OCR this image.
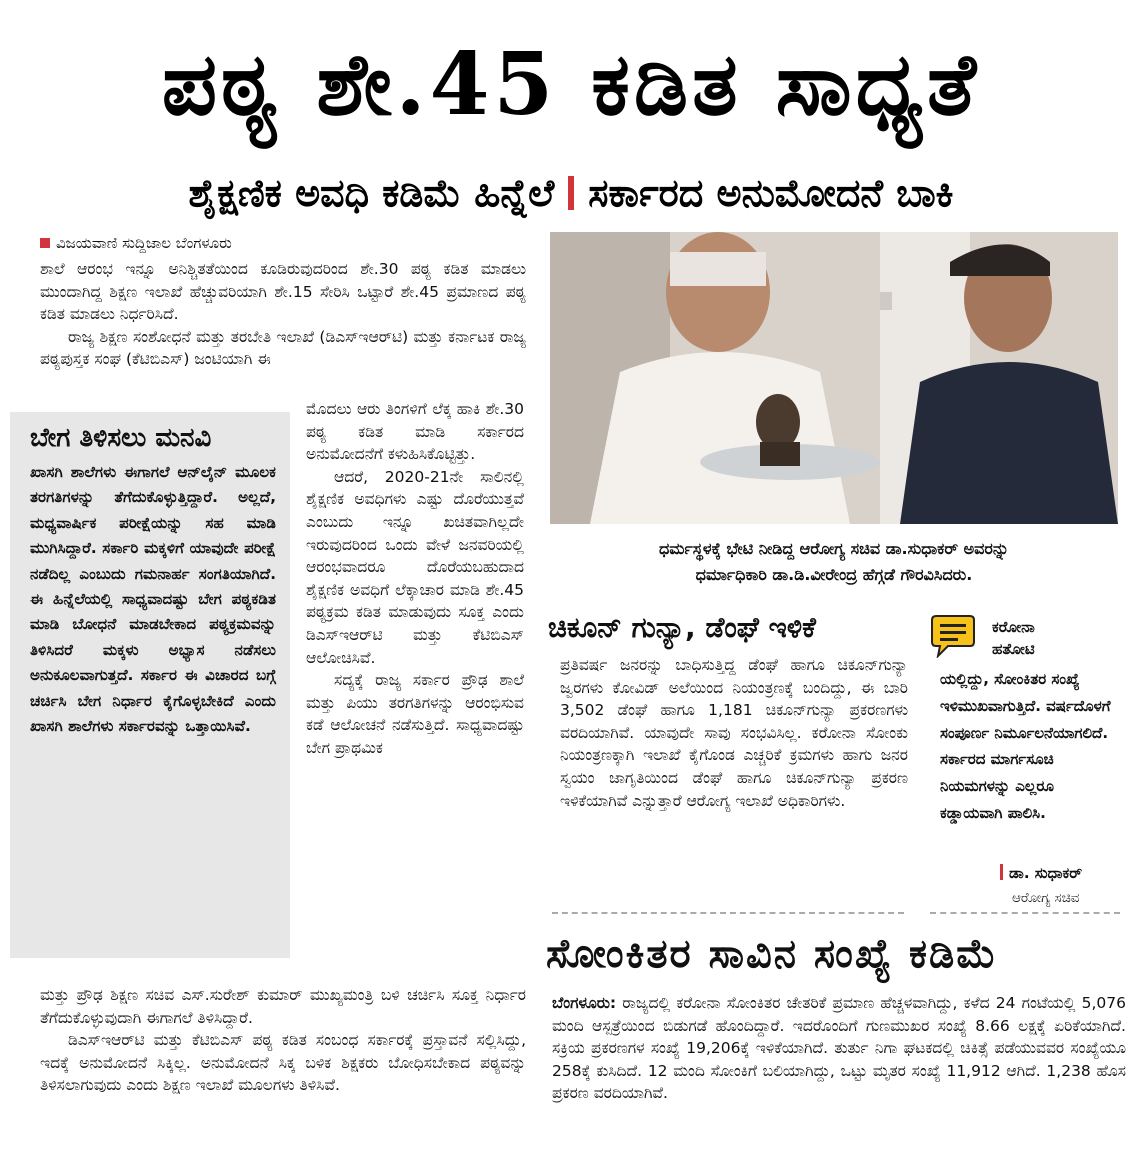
ಪಠ್ಯ ಶೇ.45 ಕಡಿತ ಸಾಧ್ಯತೆ
ಶೈಕ್ಷಣಿಕ ಅವಧಿ ಕಡಿಮೆ ಹಿನ್ನೆಲೆ ಸರ್ಕಾರದ ಅನುಮೋದನೆ ಬಾಕಿ
ವಿಜಯವಾಣಿ ಸುದ್ದಿಜಾಲ ಬೆಂಗಳೂರು

ಶಾಲೆ ಆರಂಭ ಇನ್ನೂ ಅನಿಶ್ಚಿತತೆಯಿಂದ ಕೂಡಿರುವುದರಿಂದ ಶೇ.30 ಪಠ್ಯ ಕಡಿತ ಮಾಡಲು ಮುಂದಾಗಿದ್ದ ಶಿಕ್ಷಣ ಇಲಾಖೆ ಹೆಚ್ಚುವರಿಯಾಗಿ ಶೇ.15 ಸೇರಿಸಿ ಒಟ್ಟಾರೆ ಶೇ.45 ಪ್ರಮಾಣದ ಪಠ್ಯ ಕಡಿತ ಮಾಡಲು ನಿರ್ಧರಿಸಿದೆ.

ರಾಜ್ಯ ಶಿಕ್ಷಣ ಸಂಶೋಧನೆ ಮತ್ತು ತರಬೇತಿ ಇಲಾಖೆ (ಡಿಎಸ್‌ಇಆರ್‌ಟಿ) ಮತ್ತು ಕರ್ನಾಟಕ ರಾಜ್ಯ ಪಠ್ಯಪುಸ್ತಕ ಸಂಘ (ಕೆಟಿಬಿಎಸ್) ಜಂಟಿಯಾಗಿ ಈ

ಬೇಗ ತಿಳಿಸಲು ಮನವಿ
ಖಾಸಗಿ ಶಾಲೆಗಳು ಈಗಾಗಲೆ ಆನ್‌ಲೈನ್ ಮೂಲಕ ತರಗತಿಗಳನ್ನು ತೆಗೆದುಕೊಳ್ಳುತ್ತಿದ್ದಾರೆ. ಅಲ್ಲದೆ, ಮಧ್ಯವಾರ್ಷಿಕ ಪರೀಕ್ಷೆಯನ್ನು ಸಹ ಮಾಡಿ ಮುಗಿಸಿದ್ದಾರೆ. ಸರ್ಕಾರಿ ಮಕ್ಕಳಿಗೆ ಯಾವುದೇ ಪರೀಕ್ಷೆ ನಡೆದಿಲ್ಲ ಎಂಬುದು ಗಮನಾರ್ಹ ಸಂಗತಿಯಾಗಿದೆ. ಈ ಹಿನ್ನೆಲೆಯಲ್ಲಿ ಸಾಧ್ಯವಾದಷ್ಟು ಬೇಗ ಪಠ್ಯಕಡಿತ ಮಾಡಿ ಬೋಧನೆ ಮಾಡಬೇಕಾದ ಪಠ್ಯಕ್ರಮವನ್ನು ತಿಳಿಸಿದರೆ ಮಕ್ಕಳು ಅಭ್ಯಾಸ ನಡೆಸಲು ಅನುಕೂಲವಾಗುತ್ತದೆ. ಸರ್ಕಾರ ಈ ವಿಚಾರದ ಬಗ್ಗೆ ಚರ್ಚಿಸಿ ಬೇಗ ನಿರ್ಧಾರ ಕೈಗೊಳ್ಳಬೇಕಿದೆ ಎಂದು ಖಾಸಗಿ ಶಾಲೆಗಳು ಸರ್ಕಾರವನ್ನು ಒತ್ತಾಯಿಸಿವೆ.

ಮೊದಲು ಆರು ತಿಂಗಳಿಗೆ ಲೆಕ್ಕ ಹಾಕಿ ಶೇ.30 ಪಠ್ಯ ಕಡಿತ ಮಾಡಿ ಸರ್ಕಾರದ ಅನುಮೋದನೆಗೆ ಕಳುಹಿಸಿಕೊಟ್ಟಿತ್ತು.

ಆದರೆ, 2020-21ನೇ ಸಾಲಿನಲ್ಲಿ ಶೈಕ್ಷಣಿಕ ಅವಧಿಗಳು ಎಷ್ಟು ದೊರೆಯುತ್ತವೆ ಎಂಬುದು ಇನ್ನೂ ಖಚಿತವಾಗಿಲ್ಲದೇ ಇರುವುದರಿಂದ ಒಂದು ವೇಳೆ ಜನವರಿಯಲ್ಲಿ ಆರಂಭವಾದರೂ ದೊರೆಯಬಹುದಾದ ಶೈಕ್ಷಣಿಕ ಅವಧಿಗೆ ಲೆಕ್ಕಾಚಾರ ಮಾಡಿ ಶೇ.45 ಪಠ್ಯಕ್ರಮ ಕಡಿತ ಮಾಡುವುದು ಸೂಕ್ತ ಎಂದು ಡಿಎಸ್‌ಇಆರ್‌ಟಿ ಮತ್ತು ಕೆಟಿಬಿಎಸ್ ಆಲೋಚಿಸಿವೆ.

ಸದ್ಯಕ್ಕೆ ರಾಜ್ಯ ಸರ್ಕಾರ ಪ್ರೌಢ ಶಾಲೆ ಮತ್ತು ಪಿಯು ತರಗತಿಗಳನ್ನು ಆರಂಭಿಸುವ ಕಡೆ ಆಲೋಚನೆ ನಡೆಸುತ್ತಿದೆ. ಸಾಧ್ಯವಾದಷ್ಟು ಬೇಗ ಪ್ರಾಥಮಿಕ

ಮತ್ತು ಪ್ರೌಢ ಶಿಕ್ಷಣ ಸಚಿವ ಎಸ್.ಸುರೇಶ್ ಕುಮಾರ್ ಮುಖ್ಯಮಂತ್ರಿ ಬಳಿ ಚರ್ಚಿಸಿ ಸೂಕ್ತ ನಿರ್ಧಾರ ತೆಗೆದುಕೊಳ್ಳುವುದಾಗಿ ಈಗಾಗಲೆ ತಿಳಿಸಿದ್ದಾರೆ.

ಡಿಎಸ್‌ಇಆರ್‌ಟಿ ಮತ್ತು ಕೆಟಿಬಿಎಸ್ ಪಠ್ಯ ಕಡಿತ ಸಂಬಂಧ ಸರ್ಕಾರಕ್ಕೆ ಪ್ರಸ್ತಾವನೆ ಸಲ್ಲಿಸಿದ್ದು, ಇದಕ್ಕೆ ಅನುಮೋದನೆ ಸಿಕ್ಕಿಲ್ಲ. ಅನುಮೋದನೆ ಸಿಕ್ಕ ಬಳಿಕ ಶಿಕ್ಷಕರು ಬೋಧಿಸಬೇಕಾದ ಪಠ್ಯವನ್ನು ತಿಳಿಸಲಾಗುವುದು ಎಂದು ಶಿಕ್ಷಣ ಇಲಾಖೆ ಮೂಲಗಳು ತಿಳಿಸಿವೆ.

ಧರ್ಮಸ್ಥಳಕ್ಕೆ ಭೇಟಿ ನೀಡಿದ್ದ ಆರೋಗ್ಯ ಸಚಿವ ಡಾ.ಸುಧಾಕರ್ ಅವರನ್ನು
ಧರ್ಮಾಧಿಕಾರಿ ಡಾ.ಡಿ.ವೀರೇಂದ್ರ ಹೆಗ್ಗಡೆ ಗೌರವಿಸಿದರು.
ಚಿಕೂನ್ ಗುನ್ಯಾ, ಡೆಂಘೆ ಇಳಿಕೆ
ಪ್ರತಿವರ್ಷ ಜನರನ್ನು ಬಾಧಿಸುತ್ತಿದ್ದ ಡೆಂಘೆ ಹಾಗೂ ಚಿಕೂನ್‌ಗುನ್ಯಾ ಜ್ವರಗಳು ಕೋವಿಡ್ ಅಲೆಯಿಂದ ನಿಯಂತ್ರಣಕ್ಕೆ ಬಂದಿದ್ದು, ಈ ಬಾರಿ 3,502 ಡೆಂಘೆ ಹಾಗೂ 1,181 ಚಿಕೂನ್‌ಗುನ್ಯಾ ಪ್ರಕರಣಗಳು ವರದಿಯಾಗಿವೆ. ಯಾವುದೇ ಸಾವು ಸಂಭವಿಸಿಲ್ಲ. ಕರೋನಾ ಸೋಂಕು ನಿಯಂತ್ರಣಕ್ಕಾಗಿ ಇಲಾಖೆ ಕೈಗೊಂಡ ಎಚ್ಚರಿಕೆ ಕ್ರಮಗಳು ಹಾಗು ಜನರ ಸ್ವಯಂ ಜಾಗೃತಿಯಿಂದ ಡೆಂಘೆ ಹಾಗೂ ಚಿಕೂನ್‌ಗುನ್ಯಾ ಪ್ರಕರಣ ಇಳಿಕೆಯಾಗಿವೆ ಎನ್ನುತ್ತಾರೆ ಆರೋಗ್ಯ ಇಲಾಖೆ ಅಧಿಕಾರಿಗಳು.
ಕರೋನಾ
ಹತೋಟಿ
ಯಲ್ಲಿದ್ದು, ಸೋಂಕಿತರ ಸಂಖ್ಯೆ ಇಳಿಮುಖವಾಗುತ್ತಿದೆ. ವರ್ಷದೊಳಗೆ ಸಂಪೂರ್ಣ ನಿರ್ಮೂಲನೆಯಾಗಲಿದೆ. ಸರ್ಕಾರದ ಮಾರ್ಗಸೂಚಿ ನಿಯಮಗಳನ್ನು ಎಲ್ಲರೂ ಕಡ್ಡಾಯವಾಗಿ ಪಾಲಿಸಿ.
ಡಾ. ಸುಧಾಕರ್
ಆರೋಗ್ಯ ಸಚಿವ
ಸೋಂಕಿತರ ಸಾವಿನ ಸಂಖ್ಯೆ ಕಡಿಮೆ
ಬೆಂಗಳೂರು: ರಾಜ್ಯದಲ್ಲಿ ಕರೋನಾ ಸೋಂಕಿತರ ಚೇತರಿಕೆ ಪ್ರಮಾಣ ಹೆಚ್ಚಳವಾಗಿದ್ದು, ಕಳೆದ 24 ಗಂಟೆಯಲ್ಲಿ 5,076 ಮಂದಿ ಆಸ್ಪತ್ರೆಯಿಂದ ಬಿಡುಗಡೆ ಹೊಂದಿದ್ದಾರೆ. ಇದರೊಂದಿಗೆ ಗುಣಮುಖರ ಸಂಖ್ಯೆ 8.66 ಲಕ್ಷಕ್ಕೆ ಏರಿಕೆಯಾಗಿದೆ. ಸಕ್ರಿಯ ಪ್ರಕರಣಗಳ ಸಂಖ್ಯೆ 19,206ಕ್ಕೆ ಇಳಿಕೆಯಾಗಿದೆ. ತುರ್ತು ನಿಗಾ ಘಟಕದಲ್ಲಿ ಚಿಕಿತ್ಸೆ ಪಡೆಯುವವರ ಸಂಖ್ಯೆಯೂ 258ಕ್ಕೆ ಕುಸಿದಿದೆ. 12 ಮಂದಿ ಸೋಂಕಿಗೆ ಬಲಿಯಾಗಿದ್ದು, ಒಟ್ಟು ಮೃತರ ಸಂಖ್ಯೆ 11,912 ಆಗಿದೆ. 1,238 ಹೊಸ ಪ್ರಕರಣ ವರದಿಯಾಗಿವೆ.
